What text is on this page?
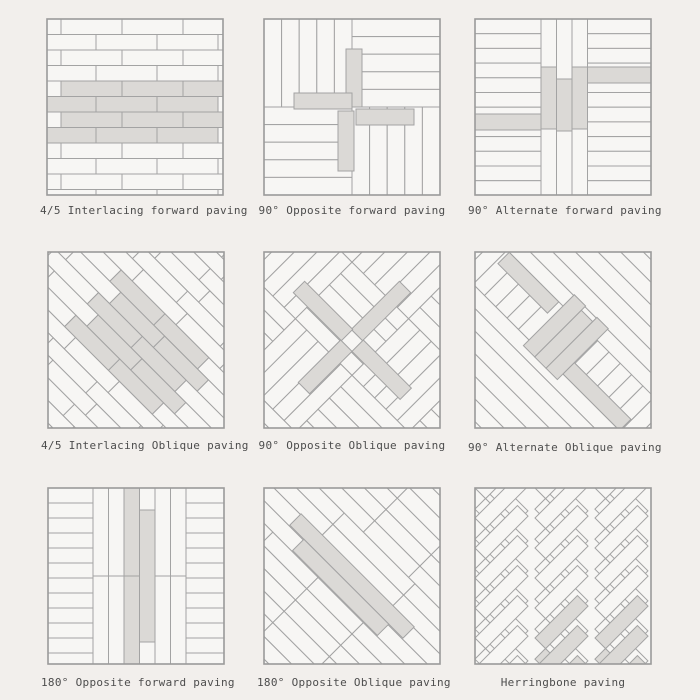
4/5 Interlacing forward paving 90° Opposite forward paving 90° Alternate forward paving
4/5 Interlacing Oblique paving 90° Opposite Oblique paving 90° Alternate Oblique paving
180° Opposite forward paving 180° Opposite Oblique paving	Herringbone paving
